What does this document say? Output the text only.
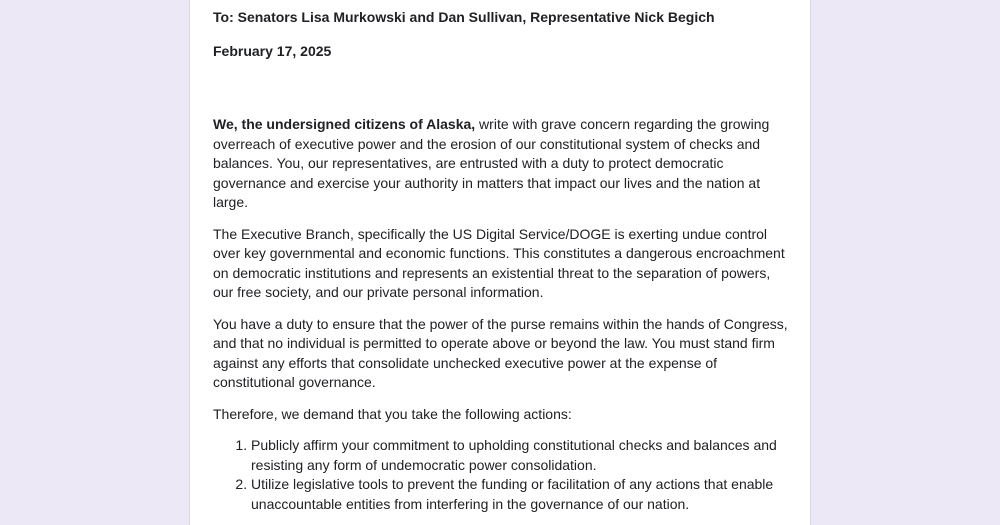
To: Senators Lisa Murkowski and Dan Sullivan, Representative Nick Begich
February 17, 2025

We, the undersigned citizens of Alaska, write with grave concern regarding the growing overreach of executive power and the erosion of our constitutional system of checks and balances. You, our representatives, are entrusted with a duty to protect democratic governance and exercise your authority in matters that impact our lives and the nation at large.

The Executive Branch, specifically the US Digital Service/DOGE is exerting undue control over key governmental and economic functions. This constitutes a dangerous encroachment on democratic institutions and represents an existential threat to the separation of powers, our free society, and our private personal information.

You have a duty to ensure that the power of the purse remains within the hands of Congress, and that no individual is permitted to operate above or beyond the law. You must stand firm against any efforts that consolidate unchecked executive power at the expense of constitutional governance.

Therefore, we demand that you take the following actions:

1. Publicly affirm your commitment to upholding constitutional checks and balances and resisting any form of undemocratic power consolidation.
2. Utilize legislative tools to prevent the funding or facilitation of any actions that enable unaccountable entities from interfering in the governance of our nation.
